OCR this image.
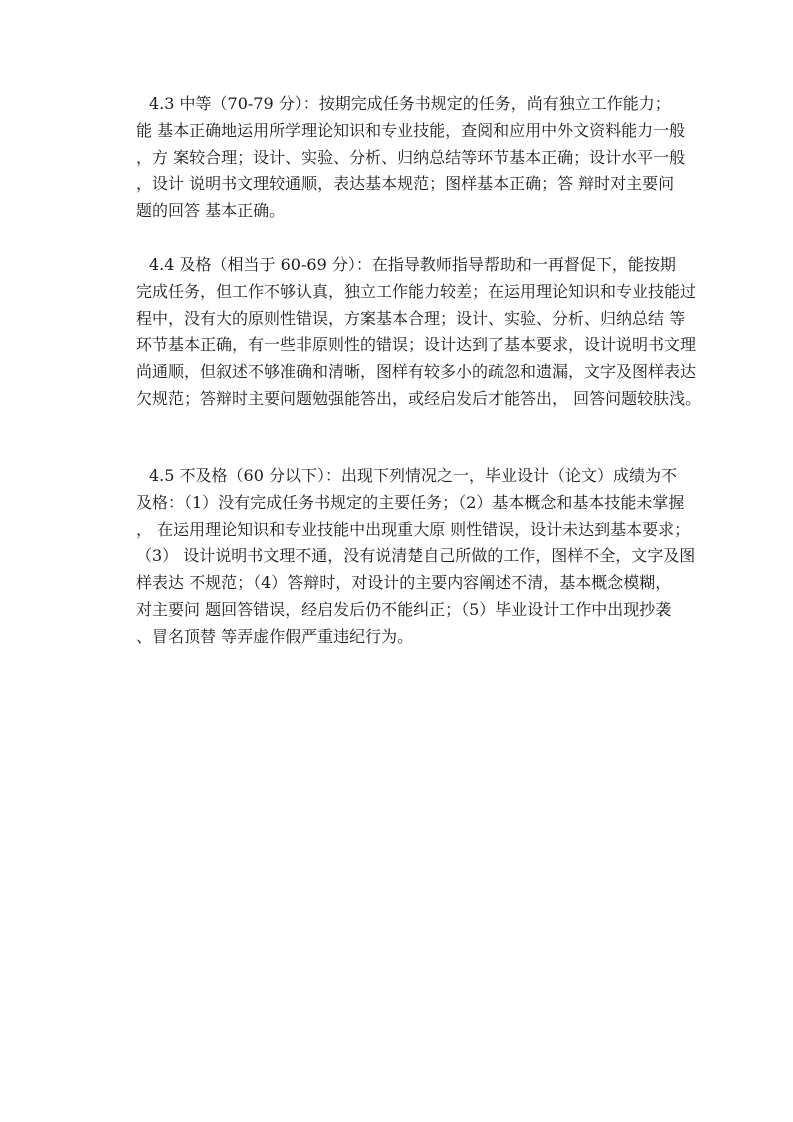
4.3 中等（70-79 分）：按期完成任务书规定的任务，尚有独立工作能力；
能 基本正确地运用所学理论知识和专业技能，查阅和应用中外文资料能力一般
，方 案较合理；设计、实验、分析、归纳总结等环节基本正确；设计水平一般
，设计 说明书文理较通顺，表达基本规范；图样基本正确；答 辩时对主要问
题的回答 基本正确。
4.4 及格（相当于 60-69 分）：在指导教师指导帮助和一再督促下，能按期
完成任务，但工作不够认真，独立工作能力较差；在运用理论知识和专业技能过
程中，没有大的原则性错误，方案基本合理；设计、实验、分析、归纳总结 等
环节基本正确，有一些非原则性的错误；设计达到了基本要求，设计说明书文理
尚通顺，但叙述不够准确和清晰，图样有较多小的疏忽和遗漏，文字及图样表达
欠规范；答辩时主要问题勉强能答出，或经启发后才能答出， 回答问题较肤浅。
4.5 不及格（60 分以下）：出现下列情况之一，毕业设计（论文）成绩为不
及格：（1）没有完成任务书规定的主要任务；（2）基本概念和基本技能未掌握
， 在运用理论知识和专业技能中出现重大原 则性错误，设计未达到基本要求；
（3） 设计说明书文理不通，没有说清楚自己所做的工作，图样不全，文字及图
样表达 不规范；（4）答辩时，对设计的主要内容阐述不清，基本概念模糊，
对主要问 题回答错误，经启发后仍不能纠正；（5）毕业设计工作中出现抄袭
、冒名顶替 等弄虚作假严重违纪行为。
